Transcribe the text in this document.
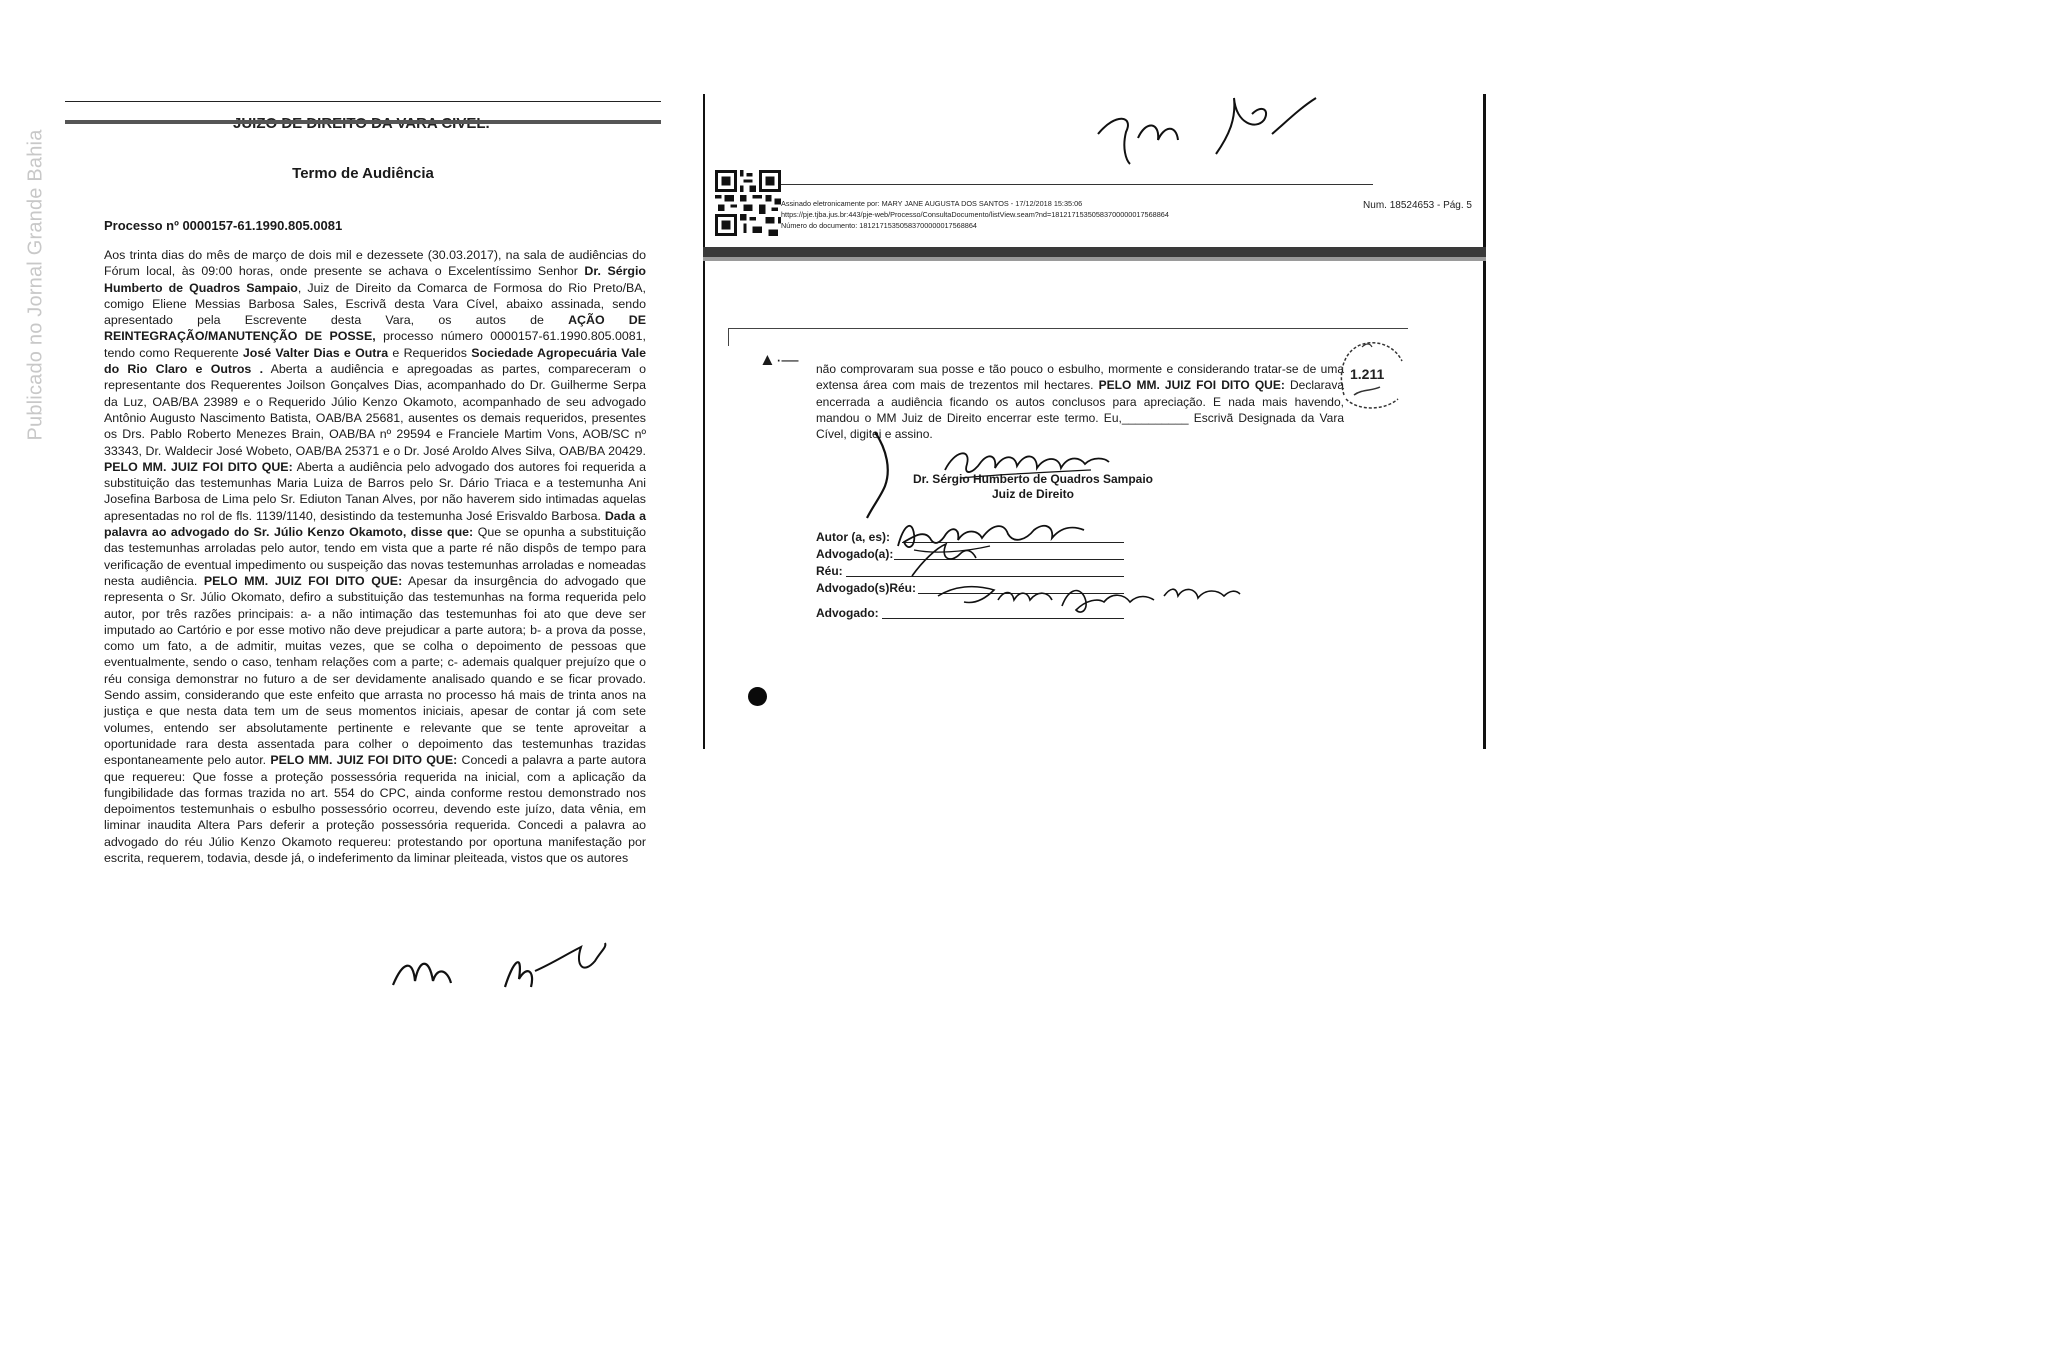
Publicado no Jornal Grande Bahia	Termo de Audiência
Processo nº 0000157-61.1990.805.0081

Aos trinta dias do mês de março de dois mil e dezessete (30.03.2017), na sala de audiências do Fórum local, às 09:00 horas, onde presente se achava o Excelentíssimo Senhor Dr. Sérgio Humberto de Quadros Sampaio, Juiz de Direito da Comarca de Formosa do Rio Preto/BA, comigo Eliene Messias Barbosa Sales, Escrivã desta Vara Cível, abaixo assinada, sendo apresentado pela Escrevente desta Vara, os autos de AÇÃO DE REINTEGRAÇÃO/MANUTENÇÃO DE POSSE, processo número 0000157-61.1990.805.0081, tendo como Requerente José Valter Dias e Outra e Requeridos Sociedade Agropecuária Vale do Rio Claro e Outros . Aberta a audiência e apregoadas as partes, compareceram o representante dos Requerentes Joilson Gonçalves Dias, acompanhado do Dr. Guilherme Serpa da Luz, OAB/BA 23989 e o Requerido Júlio Kenzo Okamoto, acompanhado de seu advogado Antônio Augusto Nascimento Batista, OAB/BA 25681, ausentes os demais requeridos, presentes os Drs. Pablo Roberto Menezes Brain, OAB/BA nº 29594 e Franciele Martim Vons, AOB/SC nº 33343, Dr. Waldecir José Wobeto, OAB/BA 25371 e o Dr. José Aroldo Alves Silva, OAB/BA 20429. PELO MM. JUIZ FOI DITO QUE: Aberta a audiência pelo advogado dos autores foi requerida a substituição das testemunhas Maria Luiza de Barros pelo Sr. Dário Triaca e a testemunha Ani Josefina Barbosa de Lima pelo Sr. Ediuton Tanan Alves, por não haverem sido intimadas aquelas apresentadas no rol de fls. 1139/1140, desistindo da testemunha José Erisvaldo Barbosa. Dada a palavra ao advogado do Sr. Júlio Kenzo Okamoto, disse que: Que se opunha a substituição das testemunhas arroladas pelo autor, tendo em vista que a parte ré não dispôs de tempo para verificação de eventual impedimento ou suspeição das novas testemunhas arroladas e nomeadas nesta audiência. PELO MM. JUIZ FOI DITO QUE: Apesar da insurgência do advogado que representa o Sr. Júlio Okomato, defiro a substituição das testemunhas na forma requerida pelo autor, por três razões principais: a- a não intimação das testemunhas foi ato que deve ser imputado ao Cartório e por esse motivo não deve prejudicar a parte autora; b- a prova da posse, como um fato, a de admitir, muitas vezes, que se colha o depoimento de pessoas que eventualmente, sendo o caso, tenham relações com a parte; c- ademais qualquer prejuízo que o réu consiga demonstrar no futuro a de ser devidamente analisado quando e se ficar provado. Sendo assim, considerando que este enfeito que arrasta no processo há mais de trinta anos na justiça e que nesta data tem um de seus momentos iniciais, apesar de contar já com sete volumes, entendo ser absolutamente pertinente e relevante que se tente aproveitar a oportunidade rara desta assentada para colher o depoimento das testemunhas trazidas espontaneamente pelo autor. PELO MM. JUIZ FOI DITO QUE: Concedi a palavra a parte autora que requereu: Que fosse a proteção possessória requerida na inicial, com a aplicação da fungibilidade das formas trazida no art. 554 do CPC, ainda conforme restou demonstrado nos depoimentos testemunhais o esbulho possessório ocorreu, devendo este juízo, data vênia, em liminar inaudita Altera Pars deferir a proteção possessória requerida. Concedi a palavra ao advogado do réu Júlio Kenzo Okamoto requereu: protestando por oportuna manifestação por escrita, requerem, todavia, desde já, o indeferimento da liminar pleiteada, vistos que os autores

Assinado eletronicamente por: MARY JANE AUGUSTA DOS SANTOS - 17/12/2018 15:35:06
https://pje.tjba.jus.br:443/pje-web/Processo/ConsultaDocumento/listView.seam?nd=18121715350583700000017568864
Número do documento: 18121715350583700000017568864
Num. 18524653 - Pág. 5
▲​·— não comprovaram sua posse e tão pouco o esbulho, mormente e considerando tratar-se de uma extensa área com mais de trezentos mil hectares. PELO MM. JUIZ FOI DITO QUE: Declarava encerrada a audiência ficando os autos conclusos para apreciação. E nada mais havendo, mandou o MM Juiz de Direito encerrar este termo. Eu,__________ Escrivã Designada da Vara Cível, digitei e assino.

1.211
Dr. Sérgio Humberto de Quadros Sampaio
Juiz de Direito
Autor (a, es):
Advogado(a):
Réu:
Advogado(s)Réu:
Advogado:
